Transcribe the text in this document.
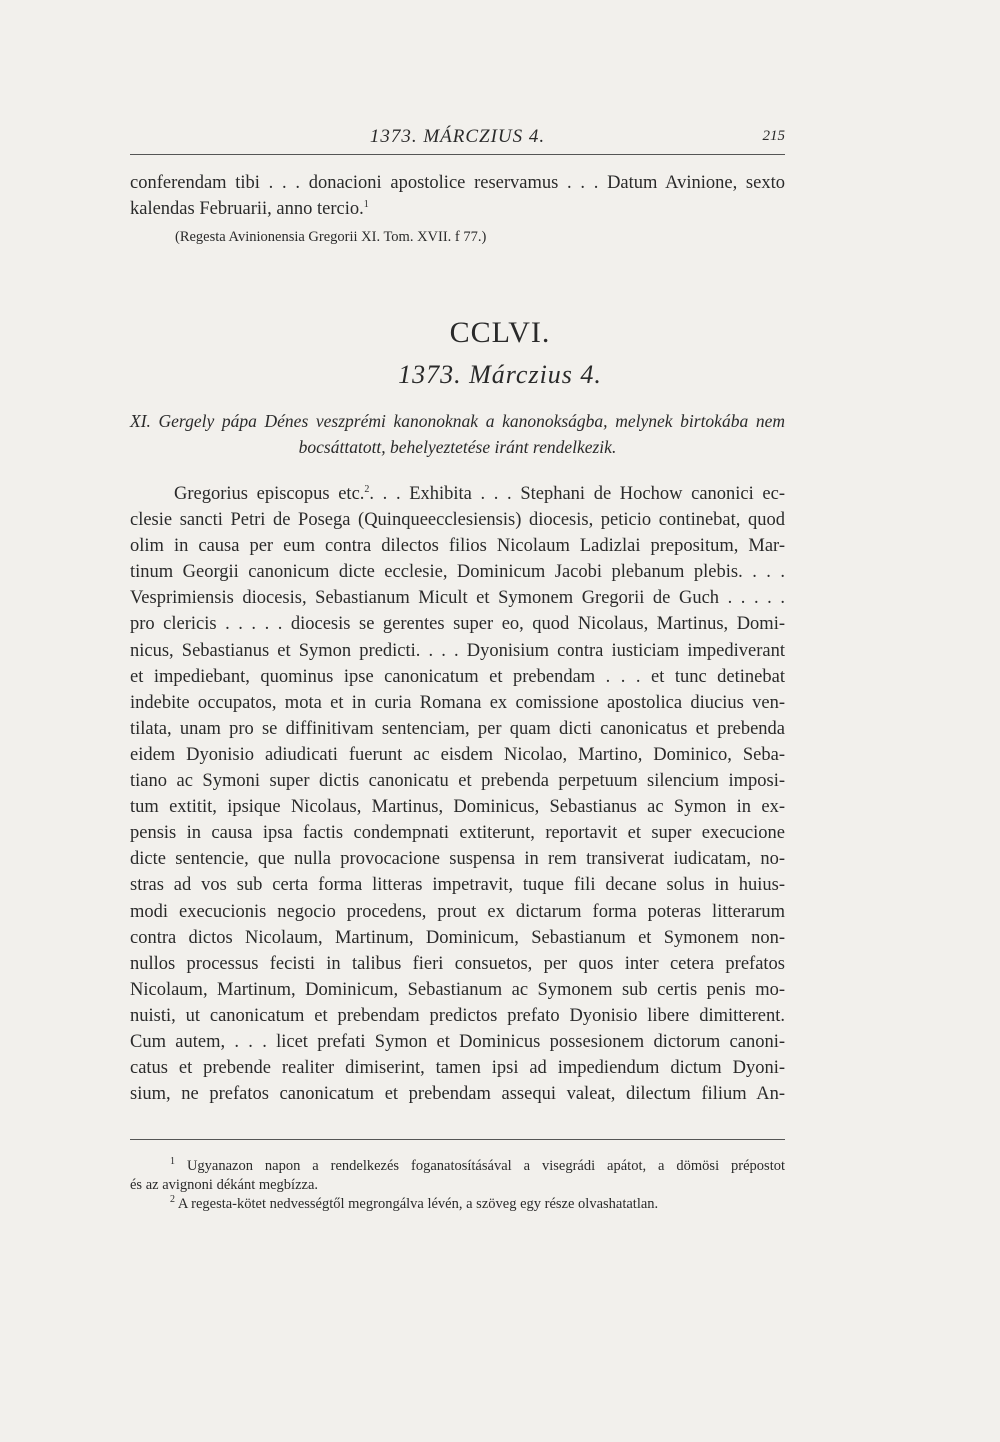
1373. MÁRCZIUS 4.	215
conferendam tibi . . . donacioni apostolice reservamus . . . Datum Avinione, sexto
kalendas Februarii, anno tercio.$^1$
(Regesta Avinionensia Gregorii XI. Tom. XVII. f 77.)
CCLVI.
1373. Márczius 4.
XI. Gergely pápa Dénes veszprémi kanonoknak a kanonokságba, melynek birtokába nem
bocsáttatott, behelyeztetése iránt rendelkezik.
Gregorius episcopus etc.$^2$. . . Exhibita . . . Stephani de Hochow canonici ec-
clesie sancti Petri de Posega (Quinqueecclesiensis) diocesis, peticio continebat, quod
olim in causa per eum contra dilectos filios Nicolaum Ladizlai prepositum, Mar-
tinum Georgii canonicum dicte ecclesie, Dominicum Jacobi plebanum plebis. . . .
Vesprimiensis diocesis, Sebastianum Micult et Symonem Gregorii de Guch . . . . .
pro clericis . . . . . diocesis se gerentes super eo, quod Nicolaus, Martinus, Domi-
nicus, Sebastianus et Symon predicti. . . . Dyonisium contra iusticiam impediverant
et impediebant, quominus ipse canonicatum et prebendam . . . et tunc detinebat
indebite occupatos, mota et in curia Romana ex comissione apostolica diucius ven-
tilata, unam pro se diffinitivam sentenciam, per quam dicti canonicatus et prebenda
eidem Dyonisio adiudicati fuerunt ac eisdem Nicolao, Martino, Dominico, Seba-
tiano ac Symoni super dictis canonicatu et prebenda perpetuum silencium imposi-
tum extitit, ipsique Nicolaus, Martinus, Dominicus, Sebastianus ac Symon in ex-
pensis in causa ipsa factis condempnati extiterunt, reportavit et super execucione
dicte sentencie, que nulla provocacione suspensa in rem transiverat iudicatam, no-
stras ad vos sub certa forma litteras impetravit, tuque fili decane solus in huius-
modi execucionis negocio procedens, prout ex dictarum forma poteras litterarum
contra dictos Nicolaum, Martinum, Dominicum, Sebastianum et Symonem non-
nullos processus fecisti in talibus fieri consuetos, per quos inter cetera prefatos
Nicolaum, Martinum, Dominicum, Sebastianum ac Symonem sub certis penis mo-
nuisti, ut canonicatum et prebendam predictos prefato Dyonisio libere dimitterent.
Cum autem, . . . licet prefati Symon et Dominicus possesionem dictorum canoni-
catus et prebende realiter dimiserint, tamen ipsi ad impediendum dictum Dyoni-
sium, ne prefatos canonicatum et prebendam assequi valeat, dilectum filium An-
$^1$ Ugyanazon napon a rendelkezés foganatosításával a visegrádi apátot, a dömösi prépostot
és az avignoni dékánt megbízza.
$^2$ A regesta-kötet nedvességtől megrongálva lévén, a szöveg egy része olvashatatlan.
